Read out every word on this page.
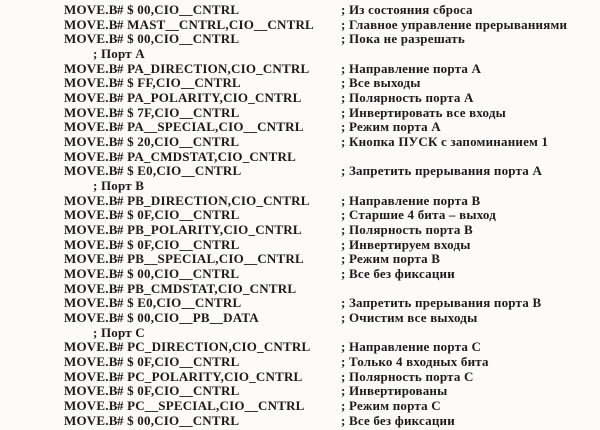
MOVE.B # $ 00,CIO__CNTRL	; Из состояния сброса
MOVE.B # MAST__CNTRL,CIO__CNTRL ; Главное управление прерываниями
MOVE.B # $ 00,CIO__CNTRL	; Пока не разрешать
; Порт А
MOVE.B # PA_DIRECTION,CIO_CNTRL ; Направление порта А
MOVE.B # $ FF,CIO__CNTRL	; Все выходы
MOVE.B # PA_POLARITY,CIO_CNTRL	; Полярность порта А
MOVE.B # $ 7F,CIO__CNTRL	; Инвертировать все входы
MOVE.B # PA__SPECIAL,CIO__CNTRL	; Режим порта А
MOVE.B # $ 20,CIO__CNTRL	; Кнопка ПУСК с запоминанием 1
MOVE.B # PA_CMDSTAT,CIO_CNTRL
MOVE.B # $ E0,CIO__CNTRL	; Запретить прерывания порта А
; Порт В
MOVE.B # PB_DIRECTION,CIO_CNTRL ; Направление порта В
MOVE.B # $ 0F,CIO__CNTRL	; Старшие 4 бита – выход
MOVE.B # PB_POLARITY,CIO_CNTRL	; Полярность порта В
MOVE.B # $ 0F,CIO__CNTRL	; Инвертируем входы
MOVE.B # PB__SPECIAL,CIO__CNTRL	; Режим порта В
MOVE.B # $ 00,CIO__CNTRL	; Все без фиксации
MOVE.B # PB_CMDSTAT,CIO_CNTRL
MOVE.B # $ E0,CIO__CNTRL	; Запретить прерывания порта В
MOVE.B # $ 00,CIO__PB__DATA	; Очистим все выходы
; Порт С
MOVE.B # PC_DIRECTION,CIO_CNTRL ; Направление порта С
MOVE.B # $ 0F,CIO__CNTRL	; Только 4 входных бита
MOVE.B # PC_POLARITY,CIO_CNTRL	; Полярность порта С
MOVE.B # $ 0F,CIO__CNTRL	; Инвертированы
MOVE.B # PC__SPECIAL,CIO__CNTRL	; Режим порта С
MOVE.B # $ 00,CIO__CNTRL	; Все без фиксации
